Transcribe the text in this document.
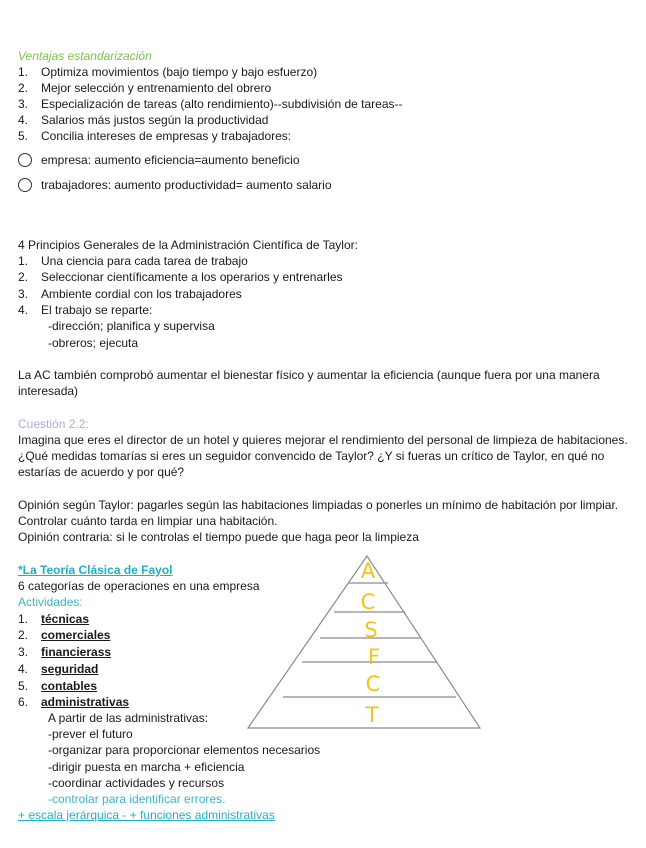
Ventajas estandarización
1. Optimiza movimientos (bajo tiempo y bajo esfuerzo)
2. Mejor selección y entrenamiento del obrero
3. Especialización de tareas (alto rendimiento)--subdivisión de tareas--
4. Salarios más justos según la productividad
5. Concilia intereses de empresas y trabajadores:
empresa: aumento eficiencia=aumento beneficio
trabajadores: aumento productividad= aumento salario
4 Principios Generales de la Administración Científica de Taylor:
1. Una ciencia para cada tarea de trabajo
2. Seleccionar científicamente a los operarios y entrenarles
3. Ambiente cordial con los trabajadores
4. El trabajo se reparte:
-dirección; planifica y supervisa
-obreros; ejecuta
La AC también comprobó aumentar el bienestar físico y aumentar la eficiencia (aunque fuera por una manera interesada)
Cuestión 2.2:
Imagina que eres el director de un hotel y quieres mejorar el rendimiento del personal de limpieza de habitaciones. ¿Qué medidas tomarías si eres un seguidor convencido de Taylor? ¿Y si fueras un crítico de Taylor, en qué no estarías de acuerdo y por qué?
Opinión según Taylor: pagarles según las habitaciones limpiadas o ponerles un mínimo de habitación por limpiar. Controlar cuánto tarda en limpiar una habitación.
Opinión contraria: si le controlas el tiempo puede que haga peor la limpieza
*La Teoría Clásica de Fayol
6 categorías de operaciones en una empresa
Actividades:
1. técnicas
2. comerciales
3. financierass
4. seguridad
5. contables
6. administrativas
A partir de las administrativas:
-prever el futuro
-organizar para proporcionar elementos necesarios
-dirigir puesta en marcha + eficiencia
-coordinar actividades y recursos
-controlar para identificar errores.
+ escala jerárquica - + funciones administrativas
A
C
S
F
C
T
